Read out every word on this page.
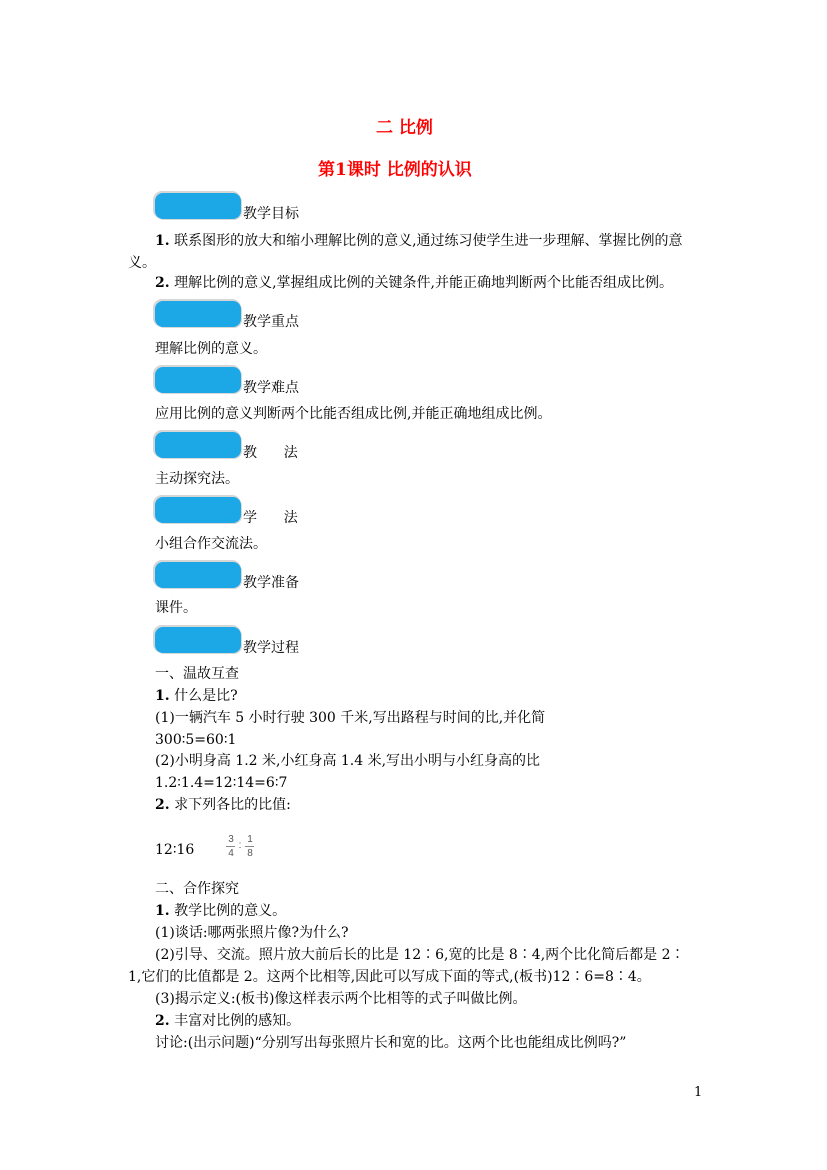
二 比例
第1课时 比例的认识
教学目标
1. 联系图形的放大和缩小理解比例的意义,通过练习使学生进一步理解、掌握比例的意
义。
2. 理解比例的意义,掌握组成比例的关键条件,并能正确地判断两个比能否组成比例。
教学重点
理解比例的意义。
教学难点
应用比例的意义判断两个比能否组成比例,并能正确地组成比例。
教      法
主动探究法。
学      法
小组合作交流法。
教学准备
课件。
教学过程
一、温故互查
1. 什么是比?
(1)一辆汽车 5 小时行驶 300 千米,写出路程与时间的比,并化简
300∶5=60∶1
(2)小明身高 1.2 米,小红身高 1.4 米,写出小明与小红身高的比
1.2∶1.4=12∶14=6∶7
2. 求下列各比的比值:
12∶16
3
4
:
1
8
二、合作探究
1. 教学比例的意义。
(1)谈话:哪两张照片像?为什么?
(2)引导、交流。照片放大前后长的比是 12∶6,宽的比是 8∶4,两个比化简后都是 2∶
1,它们的比值都是 2。这两个比相等,因此可以写成下面的等式,(板书)12∶6=8∶4。
(3)揭示定义:(板书)像这样表示两个比相等的式子叫做比例。
2. 丰富对比例的感知。
讨论:(出示问题)“分别写出每张照片长和宽的比。这两个比也能组成比例吗?”
1
